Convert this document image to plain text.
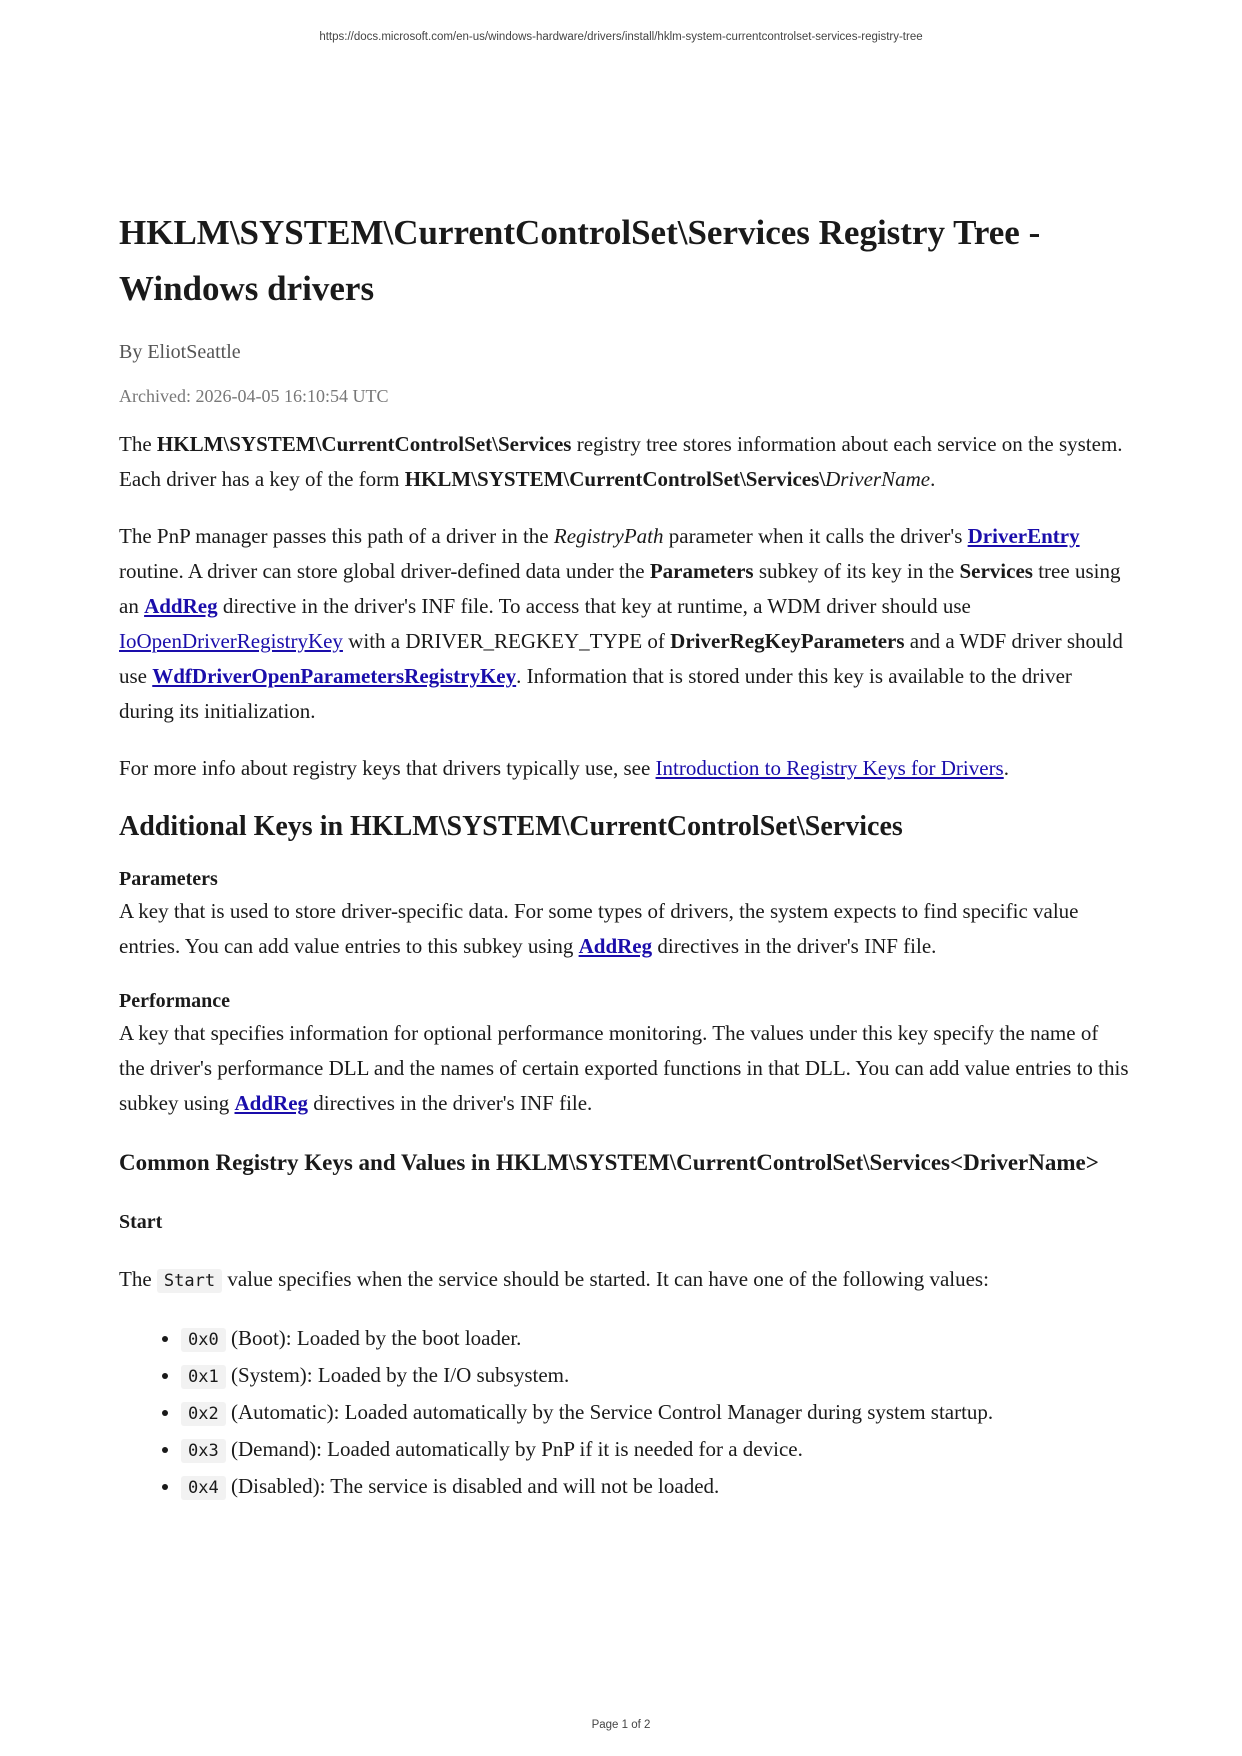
https://docs.microsoft.com/en-us/windows-hardware/drivers/install/hklm-system-currentcontrolset-services-registry-tree
HKLM\SYSTEM\CurrentControlSet\Services Registry Tree - Windows drivers
By EliotSeattle
Archived: 2026-04-05 16:10:54 UTC

The HKLM\SYSTEM\CurrentControlSet\Services registry tree stores information about each service on the system. Each driver has a key of the form HKLM\SYSTEM\CurrentControlSet\Services\DriverName.

The PnP manager passes this path of a driver in the RegistryPath parameter when it calls the driver's DriverEntry routine. A driver can store global driver-defined data under the Parameters subkey of its key in the Services tree using an AddReg directive in the driver's INF file. To access that key at runtime, a WDM driver should use IoOpenDriverRegistryKey with a DRIVER_REGKEY_TYPE of DriverRegKeyParameters and a WDF driver should use WdfDriverOpenParametersRegistryKey. Information that is stored under this key is available to the driver during its initialization.

For more info about registry keys that drivers typically use, see Introduction to Registry Keys for Drivers.

Additional Keys in HKLM\SYSTEM\CurrentControlSet\Services
Parameters

A key that is used to store driver-specific data. For some types of drivers, the system expects to find specific value entries. You can add value entries to this subkey using AddReg directives in the driver's INF file.

Performance

A key that specifies information for optional performance monitoring. The values under this key specify the name of the driver's performance DLL and the names of certain exported functions in that DLL. You can add value entries to this subkey using AddReg directives in the driver's INF file.

Common Registry Keys and Values in HKLM\SYSTEM\CurrentControlSet\Services<DriverName>
Start

The Start value specifies when the service should be started. It can have one of the following values:

• 0x0 (Boot): Loaded by the boot loader.
• 0x1 (System): Loaded by the I/O subsystem.
• 0x2 (Automatic): Loaded automatically by the Service Control Manager during system startup.
• 0x3 (Demand): Loaded automatically by PnP if it is needed for a device.
• 0x4 (Disabled): The service is disabled and will not be loaded.
Page 1 of 2
